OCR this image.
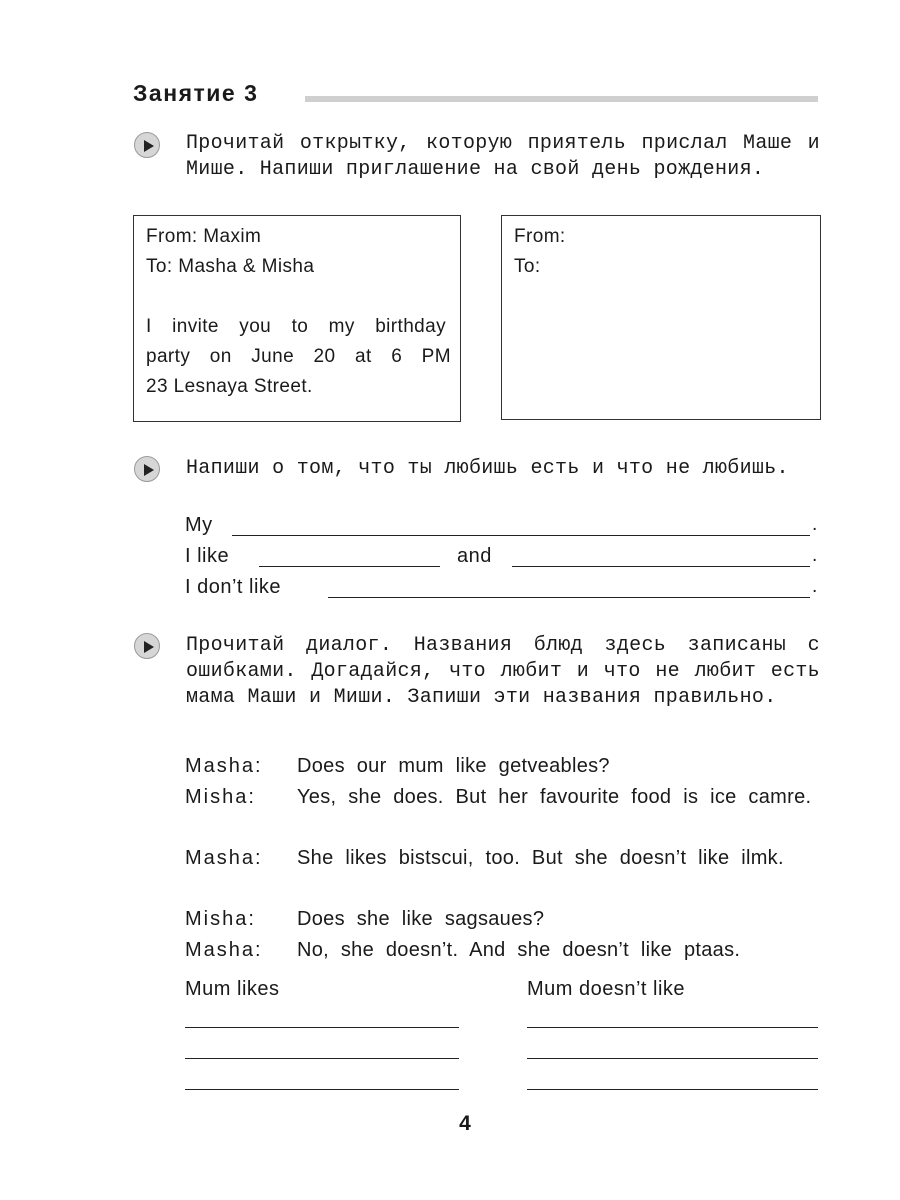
Занятие 3
Прочитай открытку, которую приятель прислал Маше и Мише. Напиши приглашение на свой день рождения.
From: Maxim
To: Masha & Misha
I invite you to my birthday
party on June 20 at 6 PM
23 Lesnaya Street.
From:
To:
Напиши о том, что ты любишь есть и что не любишь.
My	.
I like	and	.
I don’t like	.
Прочитай диалог. Названия блюд здесь записаны с ошибками. Догадайся, что любит и что не любит есть мама Маши и Миши. Запиши эти названия правильно.
Masha: Does our mum like getveables?
Misha: Yes, she does. But her favourite food is ice camre.
Masha: She likes bistscui, too. But she doesn’t like ilmk.
Misha: Does she like sagsaues?
Masha: No, she doesn’t. And she doesn’t like ptaas.
Mum likes	Mum doesn’t like
4
